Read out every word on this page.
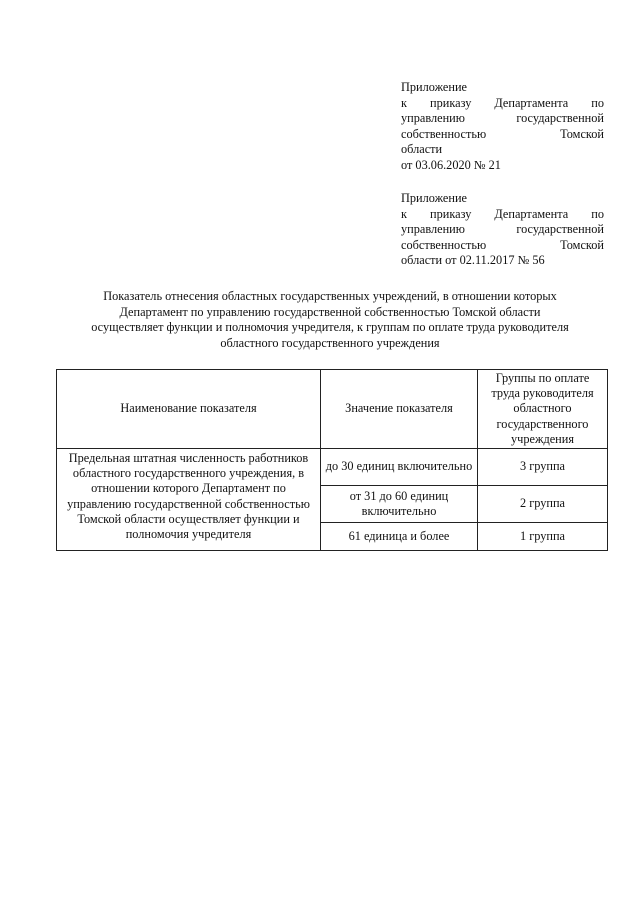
Приложение
к приказу Департамента по
управлению государственной
собственностью Томской
области
от 03.06.2020 № 21
Приложение
к приказу Департамента по
управлению государственной
собственностью Томской
области от 02.11.2017 № 56
Показатель отнесения областных государственных учреждений, в отношении которых
Департамент по управлению государственной собственностью Томской области
осуществляет функции и полномочия учредителя, к группам по оплате труда руководителя
областного государственного учреждения
Наименование показателя	Значение показателя	Группы по оплате труда руководителя областного государственного учреждения
Предельная штатная численность работников областного государственного учреждения, в отношении которого Департамент по управлению государственной собственностью Томской области осуществляет функции и полномочия учредителя	до 30 единиц включительно	3 группа
	от 31 до 60 единиц включительно	2 группа
	61 единица и более	1 группа
